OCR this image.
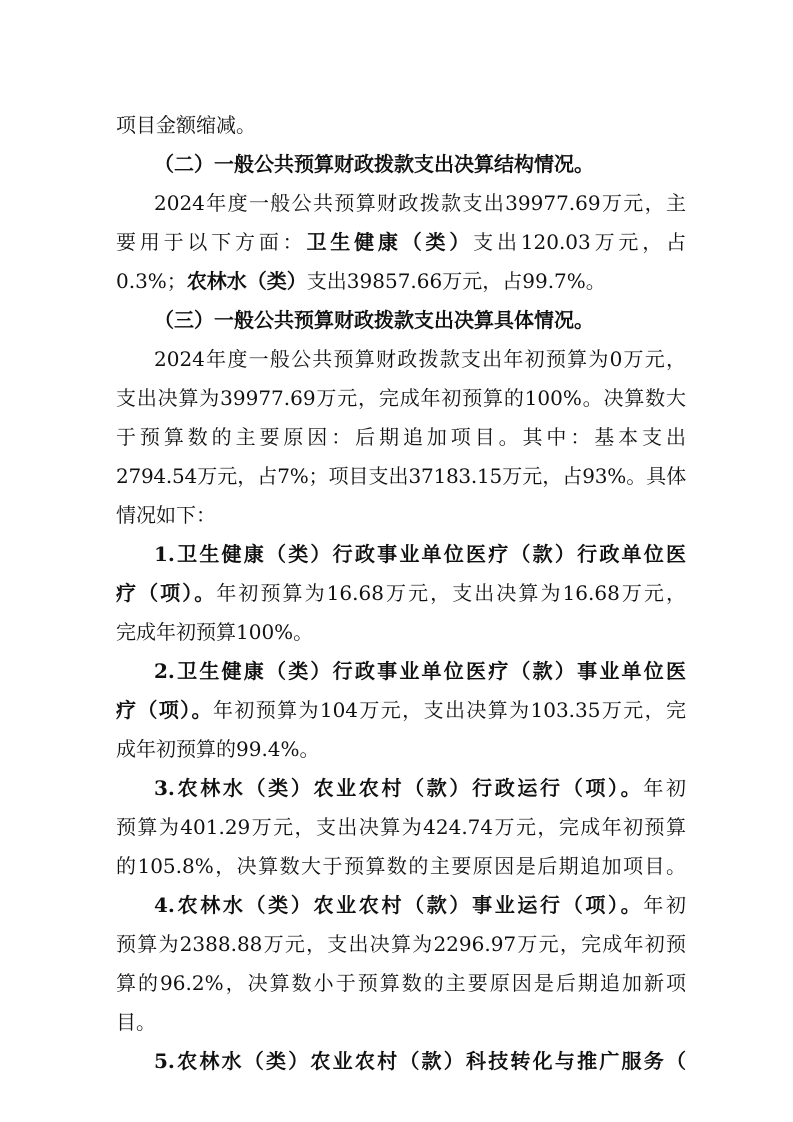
项目金额缩减。
（二）一般公共预算财政拨款支出决算结构情况。
2024年度一般公共预算财政拨款支出39977.69万元，主
要用于以下方面：卫生健康（类）支出120.03万元，占
0.3%；农林水（类）支出39857.66万元，占99.7%。
（三）一般公共预算财政拨款支出决算具体情况。
2024年度一般公共预算财政拨款支出年初预算为0万元，
支出决算为39977.69万元，完成年初预算的100%。决算数大
于预算数的主要原因：后期追加项目。其中：基本支出
2794.54万元，占7%；项目支出37183.15万元，占93%。具体
情况如下：
1.卫生健康（类）行政事业单位医疗（款）行政单位医
疗（项）。年初预算为16.68万元，支出决算为16.68万元，
完成年初预算100%。
2.卫生健康（类）行政事业单位医疗（款）事业单位医
疗（项）。年初预算为104万元，支出决算为103.35万元，完
成年初预算的99.4%。
3.农林水（类）农业农村（款）行政运行（项）。年初
预算为401.29万元，支出决算为424.74万元，完成年初预算
的105.8%，决算数大于预算数的主要原因是后期追加项目。
4.农林水（类）农业农村（款）事业运行（项）。年初
预算为2388.88万元，支出决算为2296.97万元，完成年初预
算的96.2%，决算数小于预算数的主要原因是后期追加新项
目。
5.农林水（类）农业农村（款）科技转化与推广服务（
